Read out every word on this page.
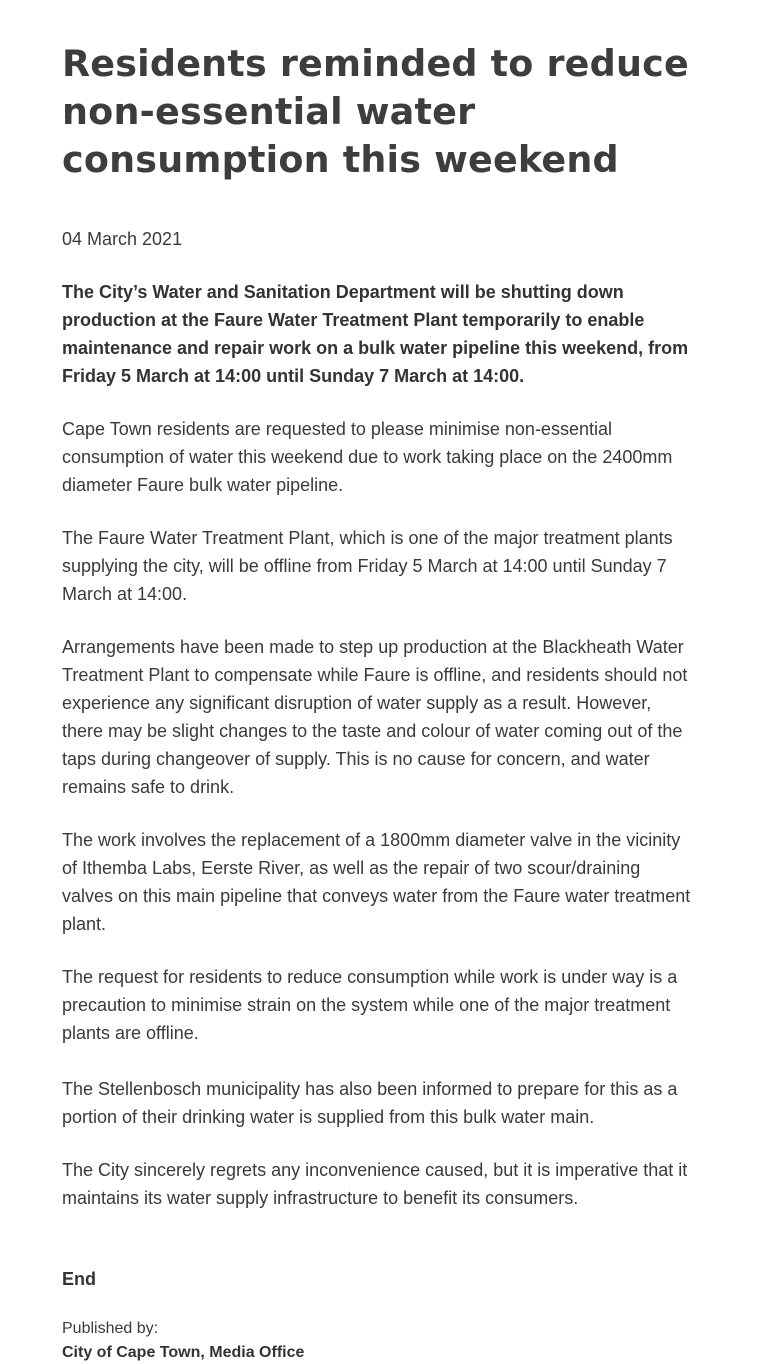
Residents reminded to reduce non-essential water consumption this weekend
04 March 2021
The City’s Water and Sanitation Department will be shutting down production at the Faure Water Treatment Plant temporarily to enable maintenance and repair work on a bulk water pipeline this weekend, from Friday 5 March at 14:00 until Sunday 7 March at 14:00.
Cape Town residents are requested to please minimise non-essential consumption of water this weekend due to work taking place on the 2400mm diameter Faure bulk water pipeline.
The Faure Water Treatment Plant, which is one of the major treatment plants supplying the city, will be offline from Friday 5 March at 14:00 until Sunday 7 March at 14:00.
Arrangements have been made to step up production at the Blackheath Water Treatment Plant to compensate while Faure is offline, and residents should not experience any significant disruption of water supply as a result. However, there may be slight changes to the taste and colour of water coming out of the taps during changeover of supply. This is no cause for concern, and water remains safe to drink.
The work involves the replacement of a 1800mm diameter valve in the vicinity of Ithemba Labs, Eerste River, as well as the repair of two scour/draining valves on this main pipeline that conveys water from the Faure water treatment plant.
The request for residents to reduce consumption while work is under way is a precaution to minimise strain on the system while one of the major treatment plants are offline.
The Stellenbosch municipality has also been informed to prepare for this as a portion of their drinking water is supplied from this bulk water main.
The City sincerely regrets any inconvenience caused, but it is imperative that it maintains its water supply infrastructure to benefit its consumers.
End
Published by:
City of Cape Town, Media Office
